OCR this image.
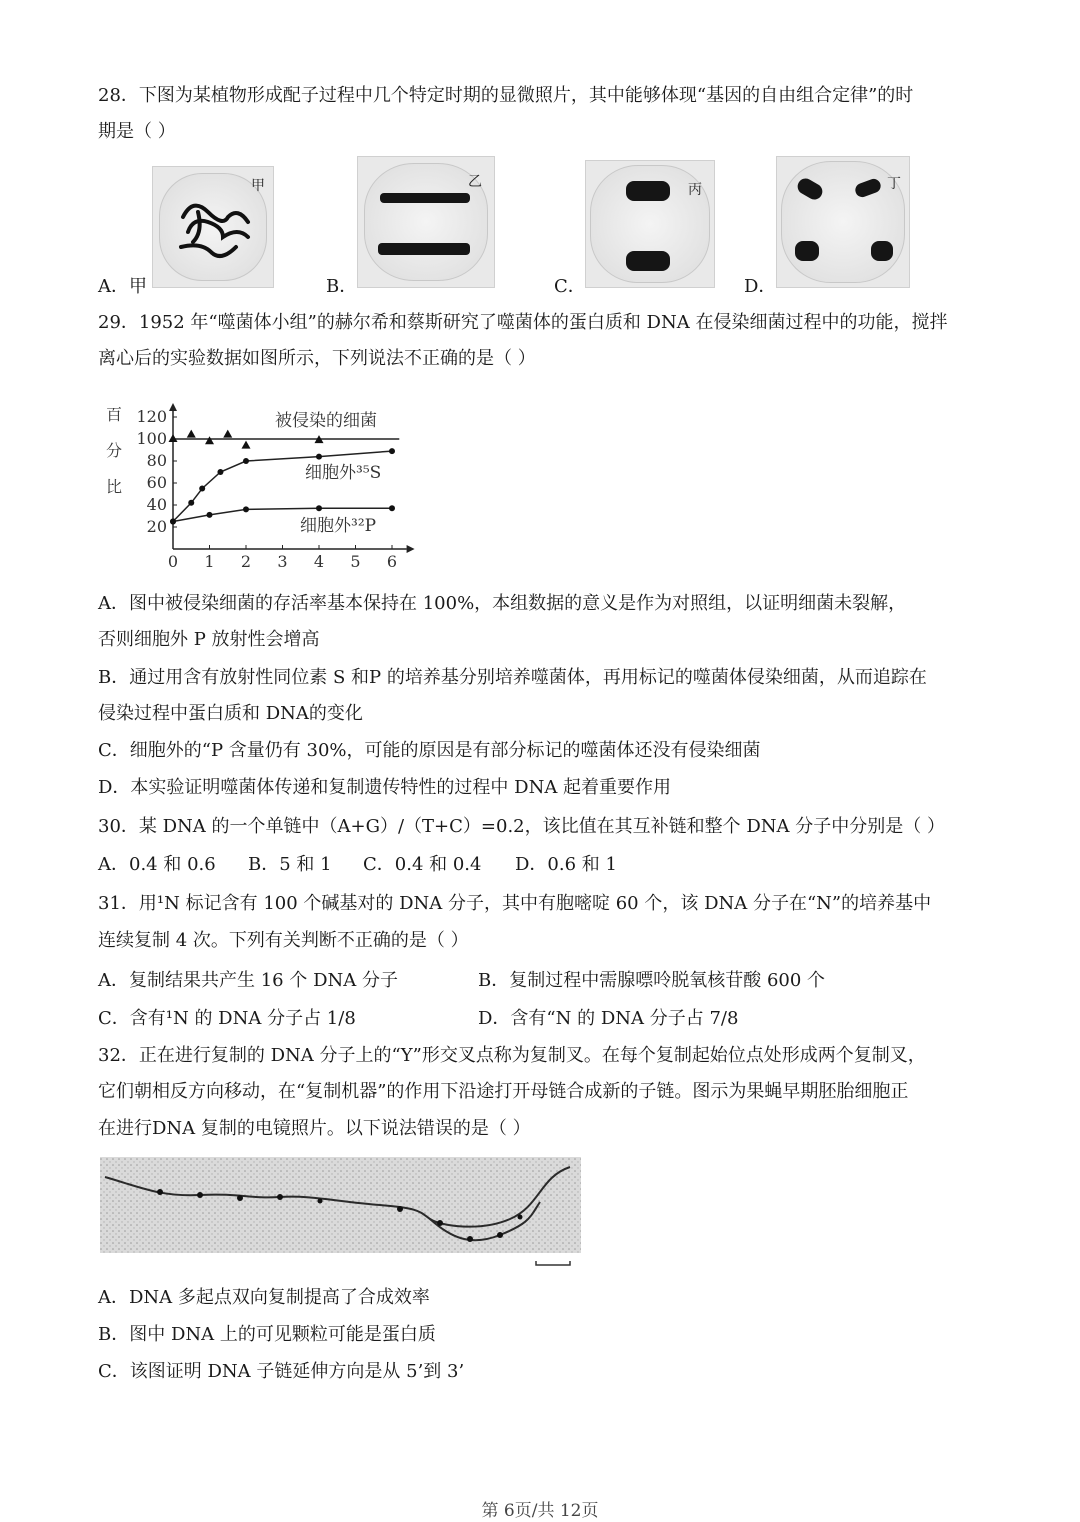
28．下图为某植物形成配子过程中几个特定时期的显微照片，其中能够体现“基因的自由组合定律”的时
期是（ ）
甲
A．甲
乙
B．
丙
C．
丁
D．
29．1952 年“噬菌体小组”的赫尔希和蔡斯研究了噬菌体的蛋白质和 DNA 在侵染细菌过程中的功能，搅拌
离心后的实验数据如图所示，下列说法不正确的是（ ）
0 1 2 3 4 5 6
20
40
60
80
100
120
百
分
比
被侵染的细菌
细胞外³⁵S
细胞外³²P
A．图中被侵染细菌的存活率基本保持在 100%，本组数据的意义是作为对照组，以证明细菌未裂解，
否则细胞外 P 放射性会增高
B．通过用含有放射性同位素 S 和P 的培养基分别培养噬菌体，再用标记的噬菌体侵染细菌，从而追踪在
侵染过程中蛋白质和 DNA的变化
C．细胞外的“P 含量仍有 30%，可能的原因是有部分标记的噬菌体还没有侵染细菌
D．本实验证明噬菌体传递和复制遗传特性的过程中 DNA 起着重要作用
30．某 DNA 的一个单链中（A+G）/（T+C）=0.2，该比值在其互补链和整个 DNA 分子中分别是（ ）
A．0.4 和 0.6 B．5 和 1 C．0.4 和 0.4 D．0.6 和 1
31．用¹N 标记含有 100 个碱基对的 DNA 分子，其中有胞嘧啶 60 个，该 DNA 分子在“N”的培养基中
连续复制 4 次。下列有关判断不正确的是（ ）
A．复制结果共产生 16 个 DNA 分子	B．复制过程中需腺嘌呤脱氧核苷酸 600 个
C．含有¹N 的 DNA 分子占 1/8	D．含有“N 的 DNA 分子占 7/8
32．正在进行复制的 DNA 分子上的“Y”形交叉点称为复制叉。在每个复制起始位点处形成两个复制叉，
它们朝相反方向移动，在“复制机器”的作用下沿途打开母链合成新的子链。图示为果蝇早期胚胎细胞正
在进行DNA 复制的电镜照片。以下说法错误的是（ ）
A．DNA 多起点双向复制提高了合成效率
B．图中 DNA 上的可见颗粒可能是蛋白质
C．该图证明 DNA 子链延伸方向是从 5’到 3’
第 6页/共 12页
